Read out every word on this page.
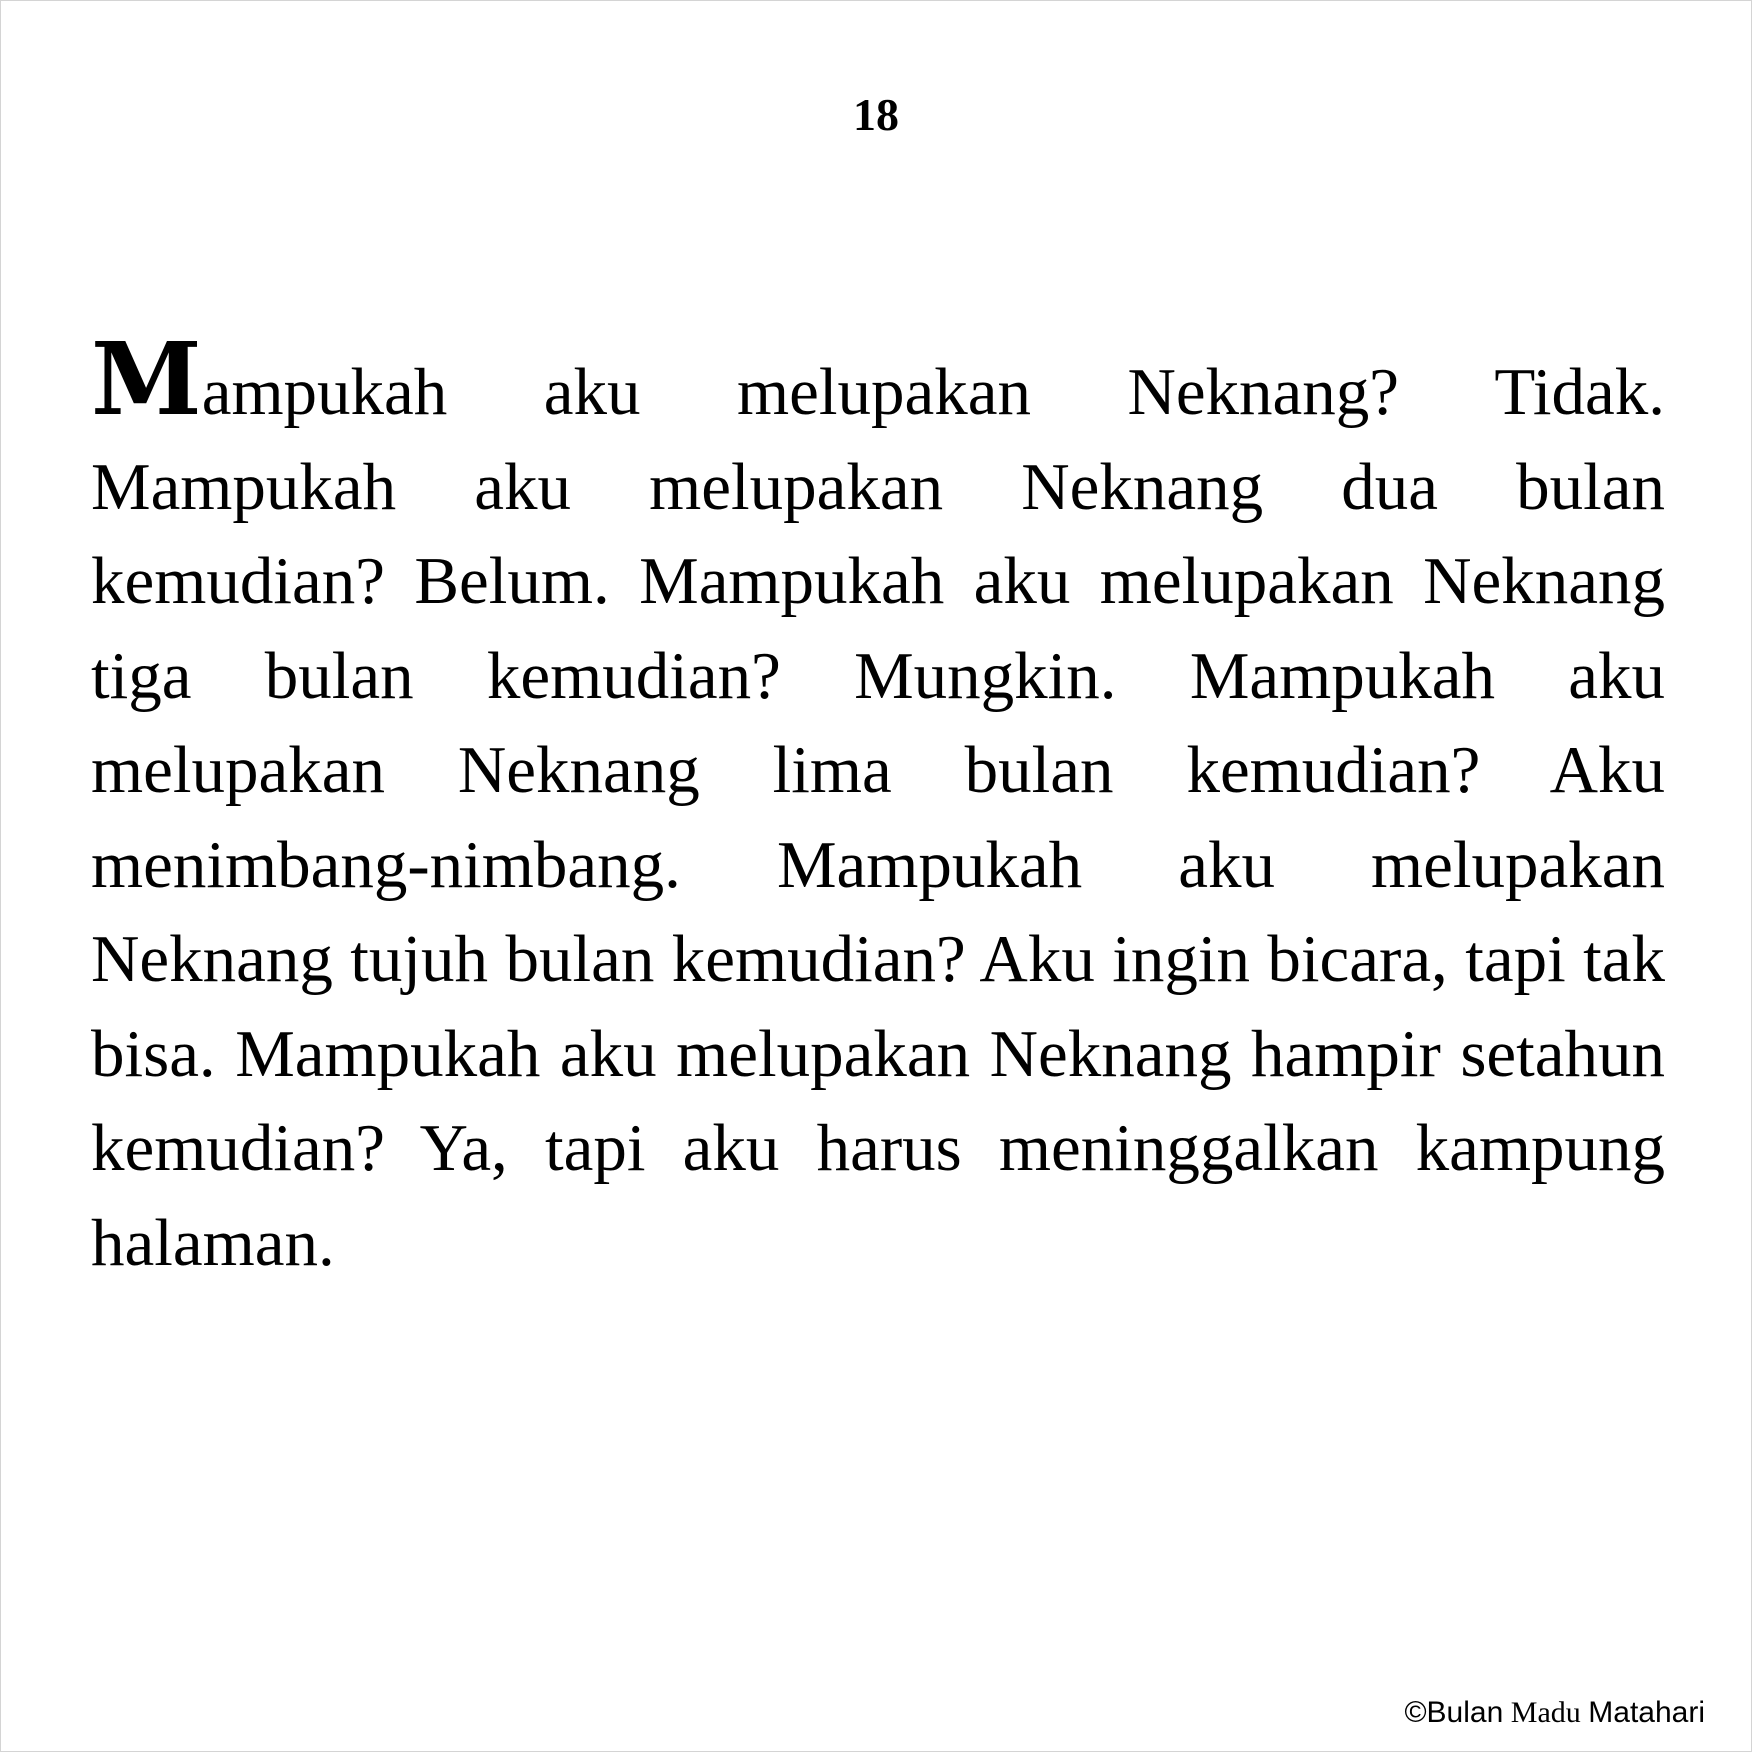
18

Mampukah aku melupakan Neknang? Tidak. Mampukah aku melupakan Neknang dua bulan kemudian? Belum. Mampukah aku melupakan Neknang tiga bulan kemudian? Mungkin. Mampukah aku melupakan Neknang lima bulan kemudian? Aku menimbang-nimbang. Mampukah aku melupakan Neknang tujuh bulan kemudian? Aku ingin bicara, tapi tak bisa. Mampukah aku melupakan Neknang hampir setahun kemudian? Ya, tapi aku harus meninggalkan kampung halaman.

©Bulan Madu Matahari
